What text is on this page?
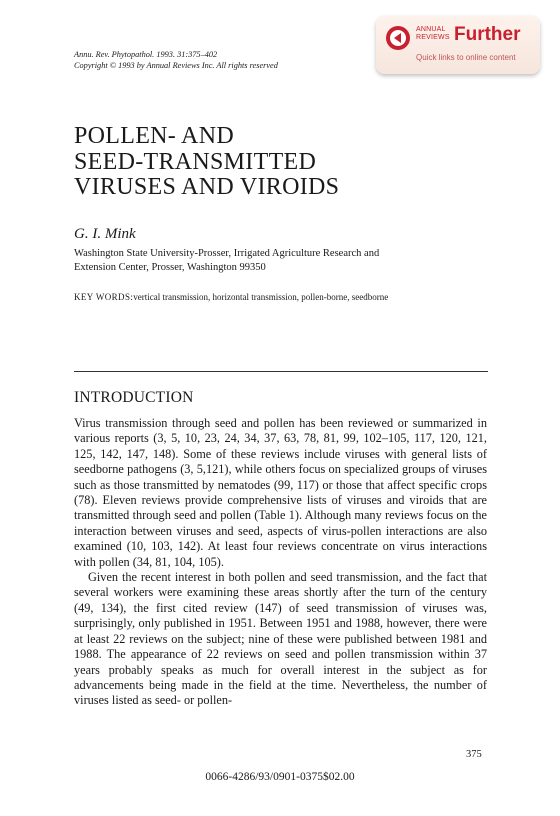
Annu. Rev. Phytopathol. 1993. 31:375–402
Copyright © 1993 by Annual Reviews Inc. All rights reserved
ANNUAL
REVIEWS Further
Quick links to online content
POLLEN- AND
SEED-TRANSMITTED
VIRUSES AND VIROIDS
G. I. Mink
Washington State University-Prosser, Irrigated Agriculture Research and
Extension Center, Prosser, Washington 99350
KEY WORDS:vertical transmission, horizontal transmission, pollen-borne, seedborne
INTRODUCTION

Virus transmission through seed and pollen has been reviewed or summarized in various reports (3, 5, 10, 23, 24, 34, 37, 63, 78, 81, 99, 102–105, 117, 120, 121, 125, 142, 147, 148). Some of these reviews include viruses with general lists of seedborne pathogens (3, 5,121), while others focus on specialized groups of viruses such as those transmitted by nematodes (99, 117) or those that affect specific crops (78). Eleven reviews provide comprehensive lists of viruses and viroids that are transmitted through seed and pollen (Table 1). Although many reviews focus on the interaction between viruses and seed, aspects of virus-pollen interactions are also examined (10, 103, 142). At least four reviews concentrate on virus interactions with pollen (34, 81, 104, 105).

Given the recent interest in both pollen and seed transmission, and the fact that several workers were examining these areas shortly after the turn of the century (49, 134), the first cited review (147) of seed transmission of viruses was, surprisingly, only published in 1951. Between 1951 and 1988, however, there were at least 22 reviews on the subject; nine of these were published between 1981 and 1988. The appearance of 22 reviews on seed and pollen transmission within 37 years probably speaks as much for overall interest in the subject as for advancements being made in the field at the time. Nevertheless, the number of viruses listed as seed- or pollen-

375
0066-4286/93/0901-0375$02.00
